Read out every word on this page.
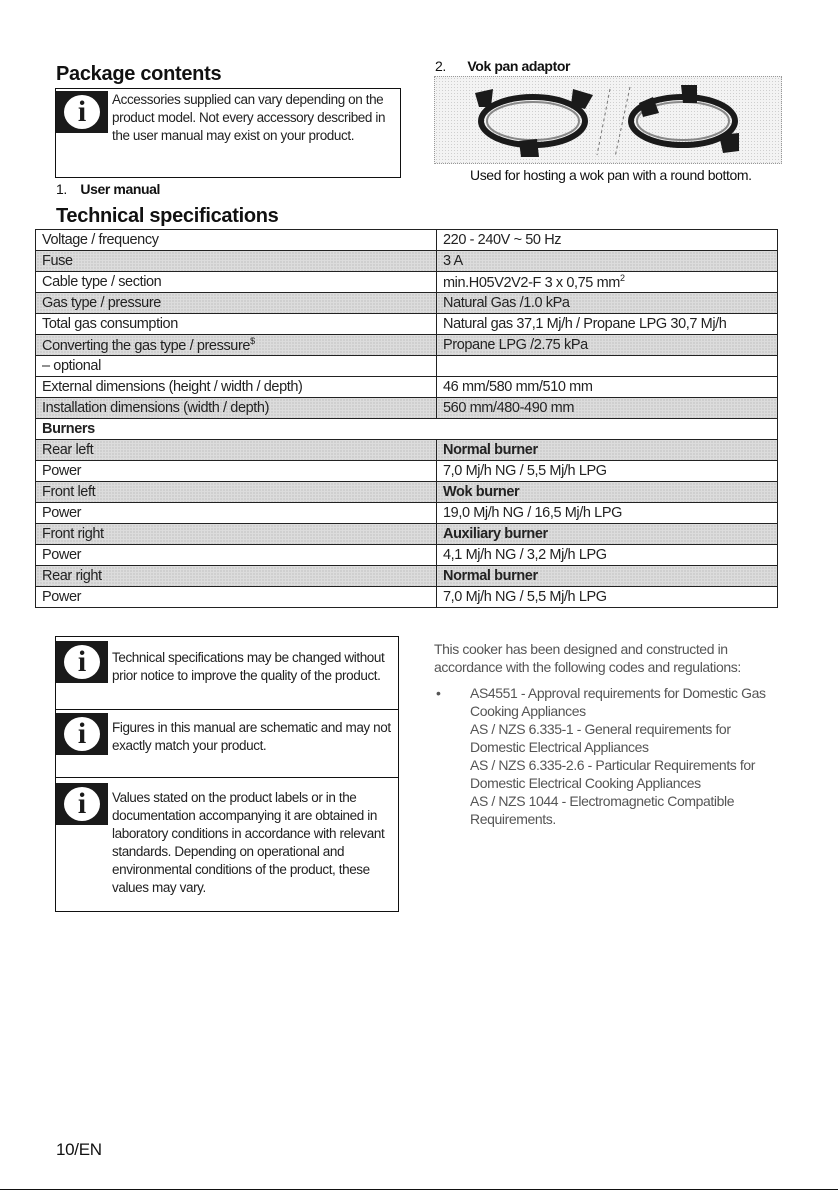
Package contents
i	Accessories supplied can vary depending on the product model. Not every accessory described in the user manual may exist on your product.
1. User manual
2. Vok pan adaptor
Used for hosting a wok pan with a round bottom.
Technical specifications
Voltage / frequency	220 - 240V ~ 50 Hz
Fuse	3 A
Cable type / section	min.H05V2V2-F 3 x 0,75 $mm^2$
Gas type / pressure	Natural Gas /1.0 kPa
Total gas consumption	Natural gas 37,1 Mj/h / Propane LPG 30,7 Mj/h
Converting the gas type / pressure$	Propane LPG /2.75 kPa
– optional	
External dimensions (height / width / depth)	46 mm/580 mm/510 mm
Installation dimensions (width / depth)	560 mm/480-490 mm
Burners	
Rear left	Normal burner
Power	7,0 Mj/h NG / 5,5 Mj/h LPG
Front left	Wok burner
Power	19,0 Mj/h NG / 16,5 Mj/h LPG
Front right	Auxiliary burner
Power	4,1 Mj/h NG / 3,2 Mj/h LPG
Rear right	Normal burner
Power	7,0 Mj/h NG / 5,5 Mj/h LPG
i	Technical specifications may be changed without prior notice to improve the quality of the product.
i	Figures in this manual are schematic and may not exactly match your product.
i	Values stated on the product labels or in the documentation accompanying it are obtained in laboratory conditions in accordance with relevant standards. Depending on operational and environmental conditions of the product, these values may vary.
This cooker has been designed and constructed in accordance with the following codes and regulations:
• AS4551 - Approval requirements for Domestic Gas Cooking Appliances
AS / NZS 6.335-1 - General requirements for Domestic Electrical Appliances
AS / NZS 6.335-2.6 - Particular Requirements for Domestic Electrical Cooking Appliances
AS / NZS 1044 - Electromagnetic Compatible Requirements.
10/EN
